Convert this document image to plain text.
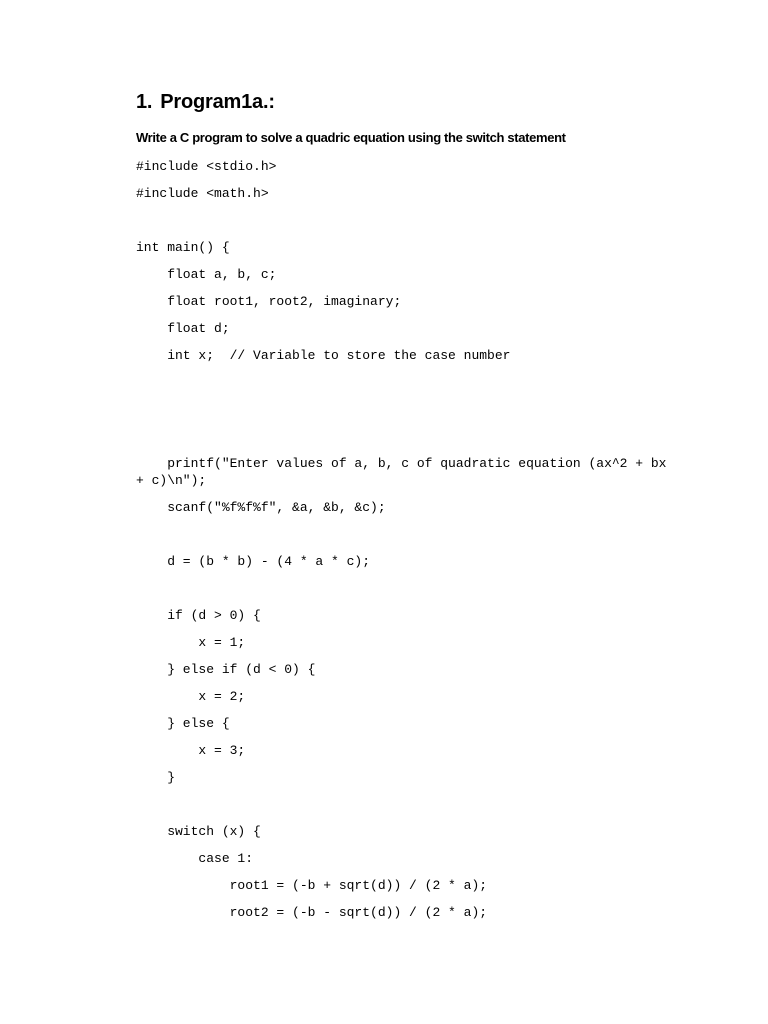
1. Program1a.:
Write a C program to solve a quadric equation using the switch statement
#include <stdio.h>
#include <math.h>
int main() {
float a, b, c;
float root1, root2, imaginary;
float d;
int x;  // Variable to store the case number
printf("Enter values of a, b, c of quadratic equation (ax^2 + bx
+ c)\n");
scanf("%f%f%f", &a, &b, &c);
d = (b * b) - (4 * a * c);
if (d > 0) {
x = 1;
} else if (d < 0) {
x = 2;
} else {
x = 3;
}
switch (x) {
case 1:
root1 = (-b + sqrt(d)) / (2 * a);
root2 = (-b - sqrt(d)) / (2 * a);
